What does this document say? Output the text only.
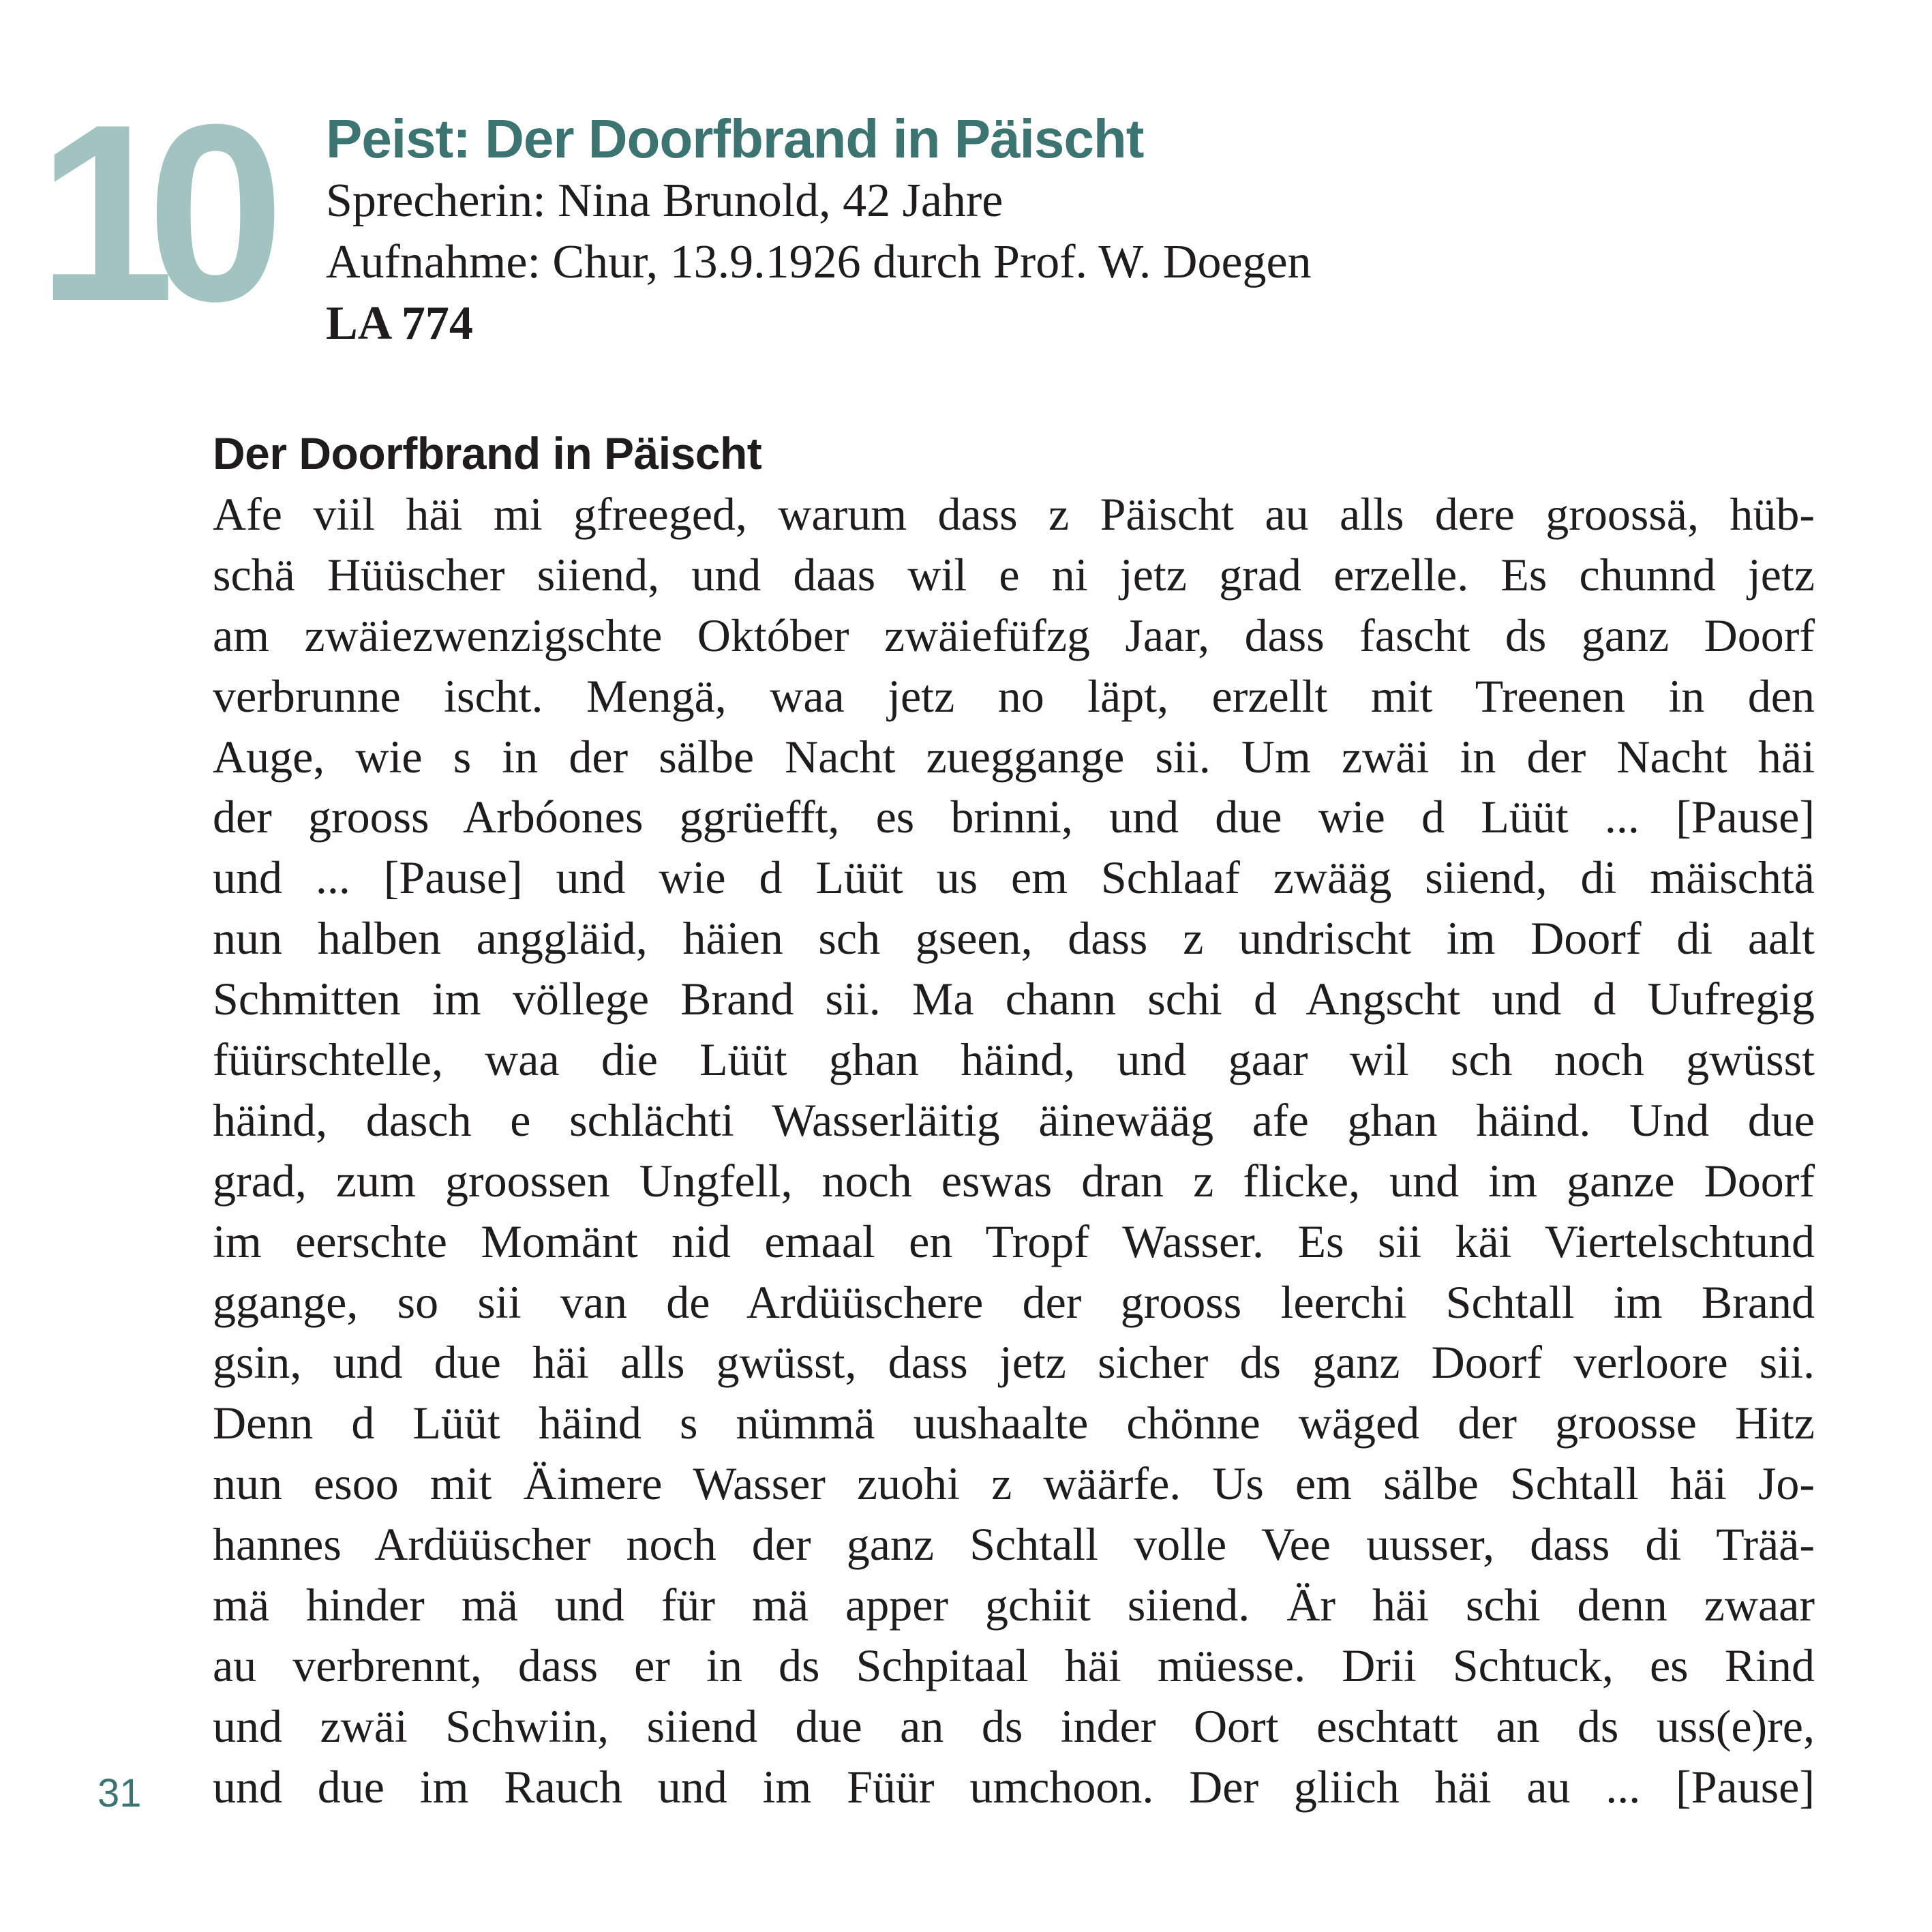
10 Peist: Der Doorfbrand in Päischt
Sprecherin: Nina Brunold, 42 Jahre
Aufnahme: Chur, 13.9.1926 durch Prof. W. Doegen
LA 774
Der Doorfbrand in Päischt
Afe viil häi mi gfreeged, warum dass z Päischt au alls dere groossä, hüb-
schä Hüüscher siiend, und daas wil e ni jetz grad erzelle. Es chunnd jetz
am zwäiezwenzigschte Október zwäiefüfzg Jaar, dass fascht ds ganz Doorf
verbrunne ischt. Mengä, waa jetz no läpt, erzellt mit Treenen in den
Auge, wie s in der sälbe Nacht zueggange sii. Um zwäi in der Nacht häi
der grooss Arbóones ggrüefft, es brinni, und due wie d Lüüt ... [Pause]
und ... [Pause] und wie d Lüüt us em Schlaaf zwääg siiend, di mäischtä
nun halben anggläid, häien sch gseen, dass z undrischt im Doorf di aalt
Schmitten im völlege Brand sii. Ma chann schi d Angscht und d Uufregig
füürschtelle, waa die Lüüt ghan häind, und gaar wil sch noch gwüsst
häind, dasch e schlächti Wasserläitig äinewääg afe ghan häind. Und due
grad, zum groossen Ungfell, noch eswas dran z flicke, und im ganze Doorf
im eerschte Momänt nid emaal en Tropf Wasser. Es sii käi Viertelschtund
ggange, so sii van de Ardüüschere der grooss leerchi Schtall im Brand
gsin, und due häi alls gwüsst, dass jetz sicher ds ganz Doorf verloore sii.
Denn d Lüüt häind s nümmä uushaalte chönne wäged der groosse Hitz
nun esoo mit Äimere Wasser zuohi z wäärfe. Us em sälbe Schtall häi Jo-
hannes Ardüüscher noch der ganz Schtall volle Vee uusser, dass di Trää-
mä hinder mä und für mä apper gchiit siiend. Är häi schi denn zwaar
au verbrennt, dass er in ds Schpitaal häi müesse. Drii Schtuck, es Rind
und zwäi Schwiin, siiend due an ds inder Oort eschtatt an ds uss(e)re,
und due im Rauch und im Füür umchoon. Der gliich häi au ... [Pause]
31
